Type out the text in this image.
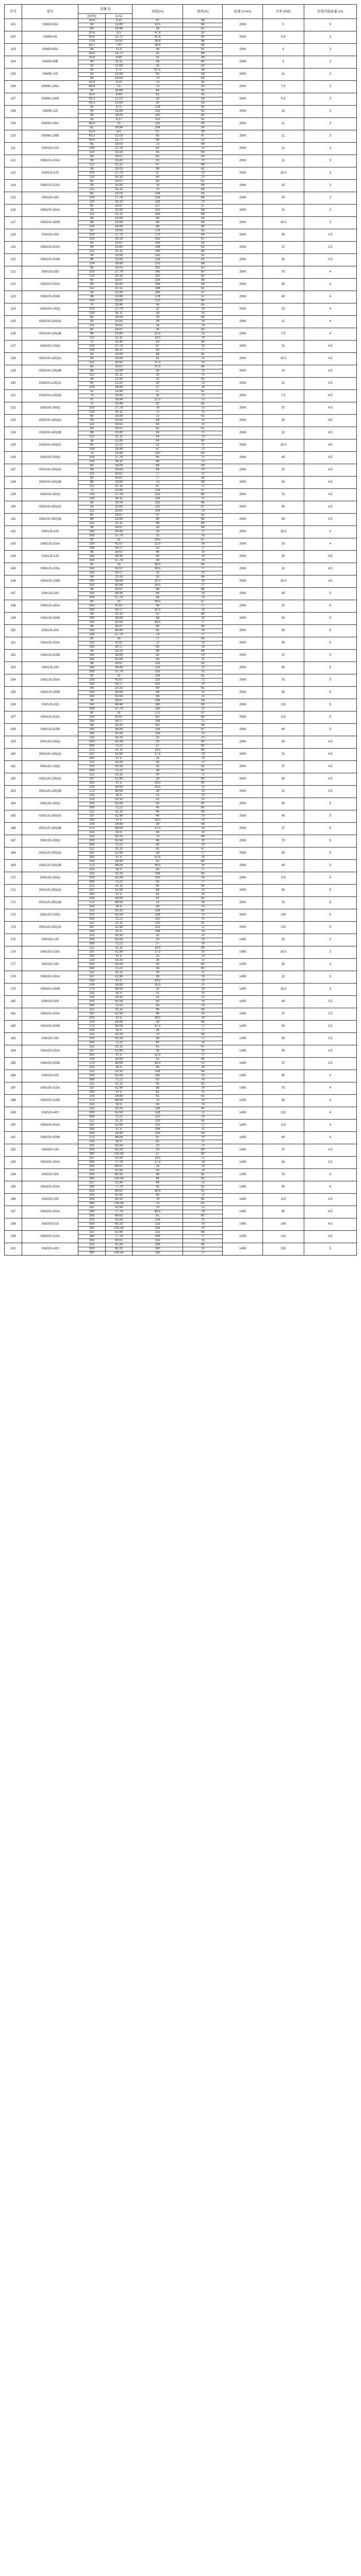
序号	型号	流量 Q		扬程(m)	效率(%)	转速 (r/min)	功率 (kW)	必需汽蚀余量 (m)
		(m³/h)	(L/s)					
101	ISW80-50A	35.6	9.11	37	54	2900	3	3
		50	13.89	32.5	69			
		60	16.66	28	67			
102	ISW80-65	30.6	8.5	47.8	50	2900	5.5	3
		56.6	15.72	41.6	64			
		70.6	19.61	36.8	68			
103	ISW80-65A	28.7	7.97	39.6	49	2900	4	3
		45	12.5	36	61			
		56.6	15.72	32	66			
104	ISW80-65B	24.6	6.83	31	49	2900	3	3
		40	11.11	28	60			
		50	13.89	25	63			
105	ISW80-100	35	9.72	87.5	44	2900	11	3
		50	13.89	80	58			
		65	18.05	70	64			
106	ISW80-100A	32.9	9.14	73	42	2900	7.5	3
		46.8	13	70	55			
		60	16.66	64	60			
107	ISW80-100B	30.4	8.44	61	43	2900	5.5	3
		43.3	12.03	56	54			
		56.3	15.64	50	58			
108	ISW80-125	35	9.72	128	40	2900	15	3
		50	13.89	125	50			
		65	18.05	120	56			
109	ISW80-125A	33	9.17	113	41	2900	11	3
		46.8	13	110	49			
		61	16.94	104	54			
110	ISW80-125B	30.6	8.5	97	39	2900	11	3
		43.3	12.03	95	47			
		56.6	15.72	89	52			
111	ISW100-100	65	18.05	73	64	2900	11	3
		100	27.78	62	72			
		120	33.33	55	69			
112	ISW100-100A	60	16.67	62	63	2900	11	3
		93	25.83	53	70			
		112	31.11	47	68			
113	ISW100-125	65	18.05	98	62	2900	18.5	3
		100	27.78	87	70			
		120	33.33	80	70			
114	ISW100-125A	60	16.67	85	61	2900	15	3
		93	25.83	76	69			
		112	31.11	70	69			
115	ISW100-160	65	18.05	134	59	2900	30	3
		100	27.78	125	68			
		120	33.33	118	70			
116	ISW100-160A	60	16.67	117	57	2900	22	3
		93	25.83	110	66			
		112	31.11	103	68			
117	ISW100-160B	56	15.56	98	55	2900	18.5	3
		86	23.89	93	64			
		104	28.89	86	66			
118	ISW100-200	65	18.05	178	55	2900	45	3.5
		100	27.78	170	64			
		120	33.33	162	67			
119	ISW100-200A	60	16.67	154	53	2900	37	3.5
		93	25.83	148	62			
		112	31.11	140	66			
120	ISW100-200B	56	15.56	132	52	2900	30	3.5
		86	23.89	126	61			
		104	28.89	120	64			
121	ISW100-250	65	18.05	252	50	2900	75	4
		100	27.78	240	60			
		120	33.33	230	62			
122	ISW100-250A	60	16.67	216	49	2900	55	4
		93	25.83	208	58			
		112	31.11	198	61			
123	ISW100-250B	56	15.56	185	47	2900	45	4
		86	23.89	178	57			
		104	28.89	170	60			
124	ISW100-100(I)	70	19.44	34	65	2900	15	4
		100	27.78	32	76			
		130	36.11	28	78			
125	ISW100-100(I)A	65	18.06	30	64	2900	11	4
		93	25.83	28	74			
		121	33.61	24	76			
126	ISW100-100(I)B	60	16.67	24	63	2900	7.5	4
		86	23.89	22.5	73			
		112	31.11	19.5	74			
127	ISW100-125(I)	70	19.44	50	66	2900	22	4.5
		100	27.78	47	76			
		130	36.11	43	77			
128	ISW100-125(I)A	65	18.06	44	65	2900	18.5	4.5
		93	25.83	41	75			
		121	33.61	37.5	76			
129	ISW100-125(I)B	60	16.67	37.5	64	2900	15	4.5
		86	23.89	35	74			
		112	31.11	32	75			
130	ISW100-125(I)C	56	15.56	32	63	2900	11	4.5
		80	22.22	30	73			
		104	28.89	27	74			
131	ISW100-125(I)D	52	14.44	27	62	2900	7.5	4.5
		75	20.83	25	72			
		97	26.94	22.5	73			
132	ISW100-160(I)	70	19.44	82	63	2900	37	4.5
		100	27.78	78	73			
		130	36.11	72	75			
133	ISW100-160(I)A	65	18.06	72	62	2900	30	4.5
		93	25.83	68	72			
		121	33.61	63	74			
134	ISW100-160(I)B	60	16.67	62	61	2900	22	4.5
		86	23.89	59	71			
		112	31.11	54	73			
135	ISW100-160(I)C	56	15.56	54	60	2900	18.5	4.5
		80	22.22	51	70			
		104	28.89	47	72			
136	ISW100-200(I)	70	19.44	100	60	2900	45	4.5
		100	27.78	95	71			
		130	36.11	88	73			
137	ISW100-200(I)A	65	18.06	88	59	2900	37	4.5
		93	25.83	84	70			
		121	33.61	77	72			
138	ISW100-200(I)B	60	16.67	77	58	2900	30	4.5
		86	23.89	73	69			
		112	31.11	67	71			
139	ISW100-250(I)	70	19.44	128	57	2900	75	4.5
		100	27.78	125	68			
		130	36.11	118	71			
140	ISW100-250(I)A	65	18.06	113	56	2900	55	4.5
		93	25.83	110	67			
		121	33.61	104	70			
141	ISW100-250(I)B	60	16.67	97	55	2900	45	4.5
		86	23.89	94	66			
		112	31.11	89	69			
142	ISW125-100	96	26.67	28	68	2900	18.5	4
		160	44.44	26	77			
		208	57.78	22	78			
143	ISW125-100A	90	25	24.5	67	2900	15	4
		150	41.67	22.5	76			
		195	54.17	19	77			
144	ISW125-125	96	26.67	44	70	2900	30	4.5
		160	44.44	42	78			
		208	57.78	38	79			
145	ISW125-125A	90	25	38.5	69	2900	22	4.5
		150	41.67	36.5	77			
		195	54.17	33	78			
146	ISW125-125B	84	23.33	33	68	2900	18.5	4.5
		140	38.89	31.5	76			
		182	50.56	28.5	77			
147	ISW125-160	96	26.67	68	68	2900	45	5
		160	44.44	64	78			
		208	57.78	58	79			
148	ISW125-160A	90	25	59.5	67	2900	37	5
		150	41.67	56	77			
		195	54.17	50.5	78			
149	ISW125-160B	84	23.33	51	66	2900	30	5
		140	38.89	48	76			
		182	50.56	43.5	77			
150	ISW125-200	96	26.67	88	66	2900	55	5
		160	44.44	82	76			
		208	57.78	74	77			
151	ISW125-200A	90	25	77	65	2900	45	5
		150	41.67	72	75			
		195	54.17	65	76			
152	ISW125-200B	84	23.33	66	64	2900	37	5
		140	38.89	62	74			
		182	50.56	56	75			
153	ISW125-250	96	26.67	132	63	2900	90	5
		160	44.44	125	73			
		208	57.78	115	75			
154	ISW125-250A	90	25	116	62	2900	75	5
		150	41.67	110	72			
		195	54.17	101	74			
155	ISW125-250B	84	23.33	99	61	2900	55	5
		140	38.89	94	71			
		182	50.56	86	73			
156	ISW125-315	96	26.67	196	58	2900	132	5
		160	44.44	190	69			
		208	57.78	180	72			
157	ISW125-315A	90	25	172	57	2900	110	5
		150	41.67	167	68			
		195	54.17	158	71			
158	ISW125-315B	84	23.33	147	56	2900	90	5
		140	38.89	143	67			
		182	50.56	135	70			
159	ISW125-100(I)	120	33.33	22	70	2900	30	4.5
		200	55.56	20	80			
		260	72.22	17	80			
160	ISW125-100(I)A	112	31.11	19.5	69	2900	22	4.5
		187	51.94	17.5	79			
		243	67.5	15	79			
161	ISW125-125(I)	120	33.33	34	72	2900	37	4.5
		200	55.56	32	81			
		260	72.22	28	81			
162	ISW125-125(I)A	112	31.11	30	71	2900	30	4.5
		187	51.94	28	80			
		243	67.5	24.5	80			
163	ISW125-125(I)B	104	28.89	25.5	70	2900	22	4.5
		173	48.06	24	79			
		225	62.5	21	79			
164	ISW125-160(I)	120	33.33	52	70	2900	55	5
		200	55.56	50	80			
		260	72.22	45	80			
165	ISW125-160(I)A	112	31.11	46	69	2900	45	5
		187	51.94	44	79			
		243	67.5	39.5	79			
166	ISW125-160(I)B	104	28.89	39	68	2900	37	5
		173	48.06	37.5	78			
		225	62.5	34	78			
167	ISW125-200(I)	120	33.33	70	68	2900	75	5
		200	55.56	66	78			
		260	72.22	60	79			
168	ISW125-200(I)A	112	31.11	61	67	2900	55	5
		187	51.94	58	77			
		243	67.5	52.5	78			
169	ISW125-200(I)B	104	28.89	52	66	2900	45	5
		173	48.06	49.5	76			
		225	62.5	45	77			
170	ISW125-250(I)	120	33.33	108	65	2900	110	5
		200	55.56	100	76			
		260	72.22	92	77			
171	ISW125-250(I)A	112	31.11	95	64	2900	90	5
		187	51.94	88	75			
		243	67.5	81	76			
172	ISW125-250(I)B	104	28.89	81	63	2900	75	5
		173	48.06	75	74			
		225	62.5	69	75			
173	ISW125-315(I)	120	33.33	136	62	2900	160	5
		200	55.56	128	73			
		260	72.22	120	75			
174	ISW125-315(I)A	112	31.11	120	61	2900	132	5
		187	51.94	113	72			
		243	67.5	106	74			
175	ISW150-125	120	33.33	22	70	1450	22	3
		200	55.56	20	79			
		260	72.22	17	79			
176	ISW150-125A	112	31.11	19.5	69	1450	18.5	3
		187	51.94	17.5	78			
		243	67.5	15	78			
177	ISW150-160	120	33.33	34	72	1450	30	3
		200	55.56	32	80			
		260	72.22	28	80			
178	ISW150-160A	112	31.11	30	71	1450	22	3
		187	51.94	28	79			
		243	67.5	24.5	79			
179	ISW150-160B	104	28.89	25.5	70	1450	18.5	3
		173	48.06	24	78			
		225	62.5	21	78			
180	ISW150-200	120	33.33	52	70	1450	45	3.5
		200	55.56	50	79			
		260	72.22	45	79			
181	ISW150-200A	112	31.11	46	69	1450	37	3.5
		187	51.94	44	78			
		243	67.5	39.5	78			
182	ISW150-200B	104	28.89	39	68	1450	30	3.5
		173	48.06	37.5	77			
		225	62.5	34	77			
183	ISW150-250	120	33.33	70	68	1450	55	3.5
		200	55.56	66	77			
		260	72.22	60	78			
184	ISW150-250A	112	31.11	61	67	1450	45	3.5
		187	51.94	58	76			
		243	67.5	52.5	77			
185	ISW150-250B	104	28.89	52	66	1450	37	3.5
		173	48.06	49.5	75			
		225	62.5	45	76			
186	ISW150-315	120	33.33	108	64	1450	90	4
		200	55.56	100	75			
		260	72.22	92	76			
187	ISW150-315A	112	31.11	95	63	1450	75	4
		187	51.94	88	74			
		243	67.5	81	75			
188	ISW150-315B	104	28.89	81	62	1450	55	4
		173	48.06	75	73			
		225	62.5	69	74			
189	ISW150-400	120	33.33	136	60	1450	132	4
		200	55.56	128	72			
		260	72.22	120	74			
190	ISW150-400A	112	31.11	120	59	1450	110	4
		187	51.94	113	71			
		243	67.5	106	73			
191	ISW150-400B	104	28.89	103	58	1450	90	4
		173	48.06	97	70			
		225	62.5	91	72			
192	ISW200-150	200	55.56	22	72	1450	37	3.5
		300	83.33	20	80			
		380	105.56	17	80			
193	ISW200-150A	187	51.94	19.5	71	1450	30	3.5
		280	77.78	17.5	79			
		355	98.61	15	79			
194	ISW200-200	200	55.56	50	74	1450	75	4
		300	83.33	48	82			
		380	105.56	44	82			
195	ISW200-200A	187	51.94	44	73	1450	55	4
		280	77.78	42	81			
		355	98.61	38.5	81			
196	ISW200-250	200	55.56	80	72	1450	110	4.5
		300	83.33	76	80			
		380	105.56	70	81			
197	ISW200-250A	187	51.94	70	71	1450	90	4.5
		280	77.78	66.5	79			
		355	98.61	61	80			
198	ISW200-315	200	55.56	128	70	1450	160	4.5
		300	83.33	125	78			
		380	105.56	118	79			
199	ISW200-315A	187	51.94	112	69	1450	132	4.5
		280	77.78	109	77			
		355	98.61	103	78			
200	ISW200-400	200	55.56	196	66	1450	250	5
		300	83.33	190	75			
		380	105.56	182	77			
